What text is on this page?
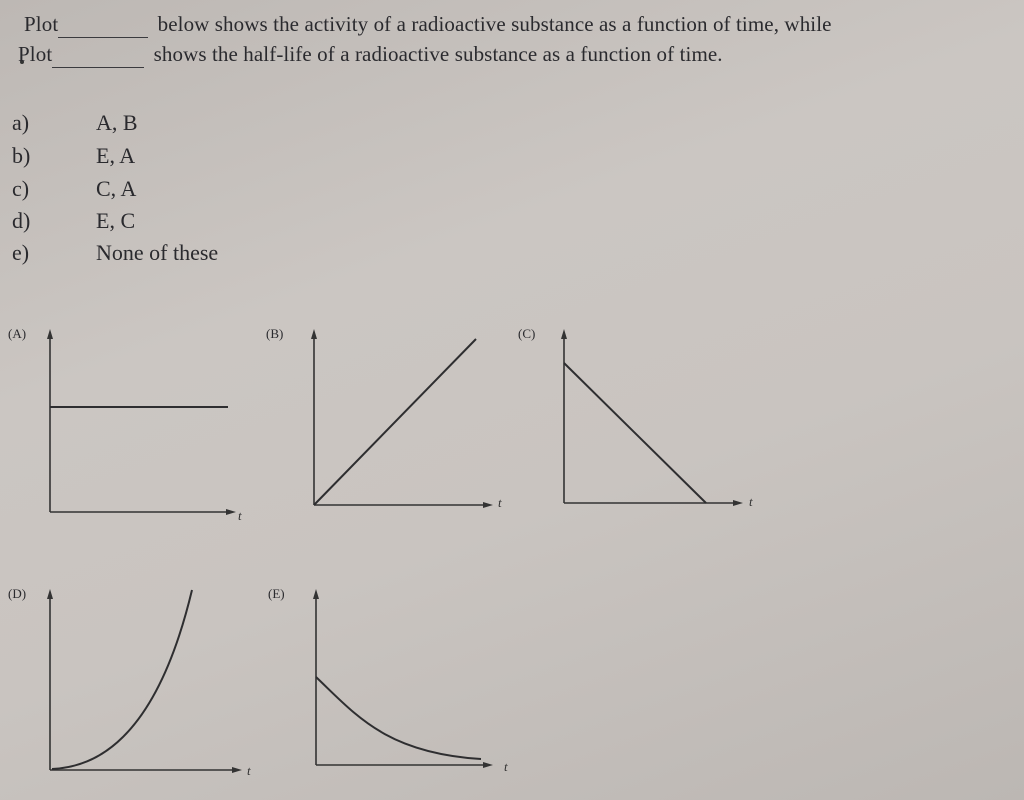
Plot	below shows the activity of a radioactive substance as a function of time, while
Plot	shows the half-life of a radioactive substance as a function of time.
a)	A, B
b)	E, A
c)	C, A
d)	E, C
e)	None of these
(A)
t
(B)
t
(C)
t
(D)
t
(E)
t
